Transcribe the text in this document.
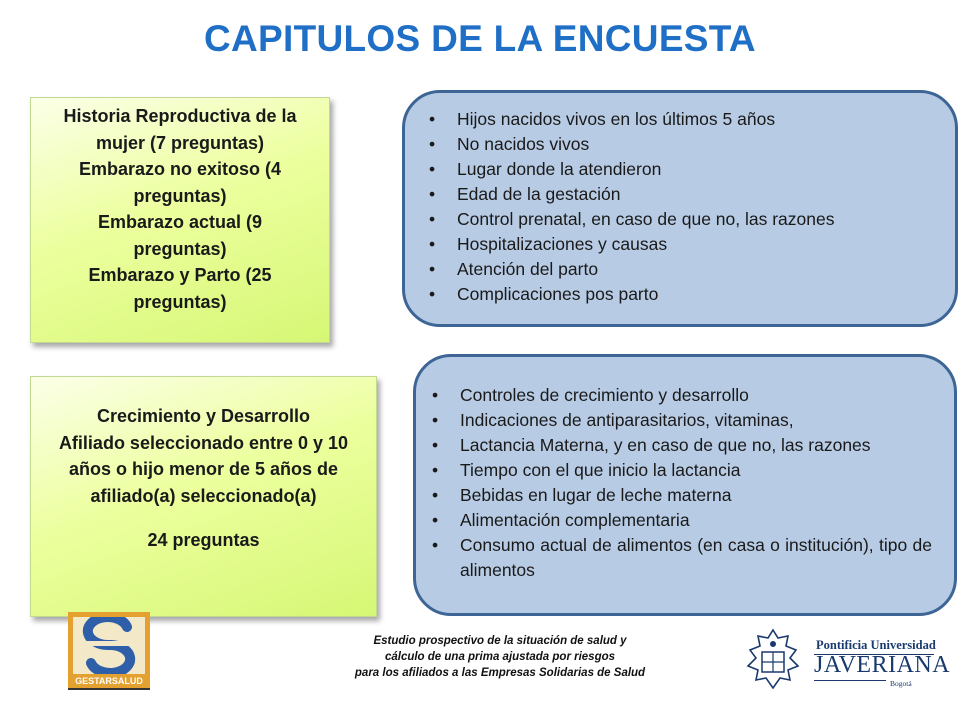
CAPITULOS DE LA ENCUESTA
Historia Reproductiva de la
mujer (7 preguntas)
Embarazo no exitoso (4
preguntas)
Embarazo actual (9
preguntas)
Embarazo y Parto (25
preguntas)
Crecimiento y Desarrollo
Afiliado seleccionado entre 0 y 10
años o hijo menor de 5 años de
afiliado(a) seleccionado(a)
24 preguntas
• Hijos nacidos vivos en los últimos 5 años
• No nacidos vivos
• Lugar donde la atendieron
• Edad de la gestación
• Control prenatal, en caso de que no, las razones
• Hospitalizaciones y causas
• Atención del parto
• Complicaciones pos parto
• Controles de crecimiento y desarrollo
• Indicaciones de antiparasitarios, vitaminas,
• Lactancia Materna, y en caso de que no, las razones
• Tiempo con el que inicio la lactancia
• Bebidas en lugar de leche materna
• Alimentación complementaria
• Consumo actual de alimentos (en casa o institución), tipo de alimentos
GESTARSALUD
Estudio prospectivo de la situación de salud y
cálculo de una prima ajustada por riesgos
para los afiliados a las Empresas Solidarias de Salud
Pontificia Universidad
JAVERIANA
Bogotá
